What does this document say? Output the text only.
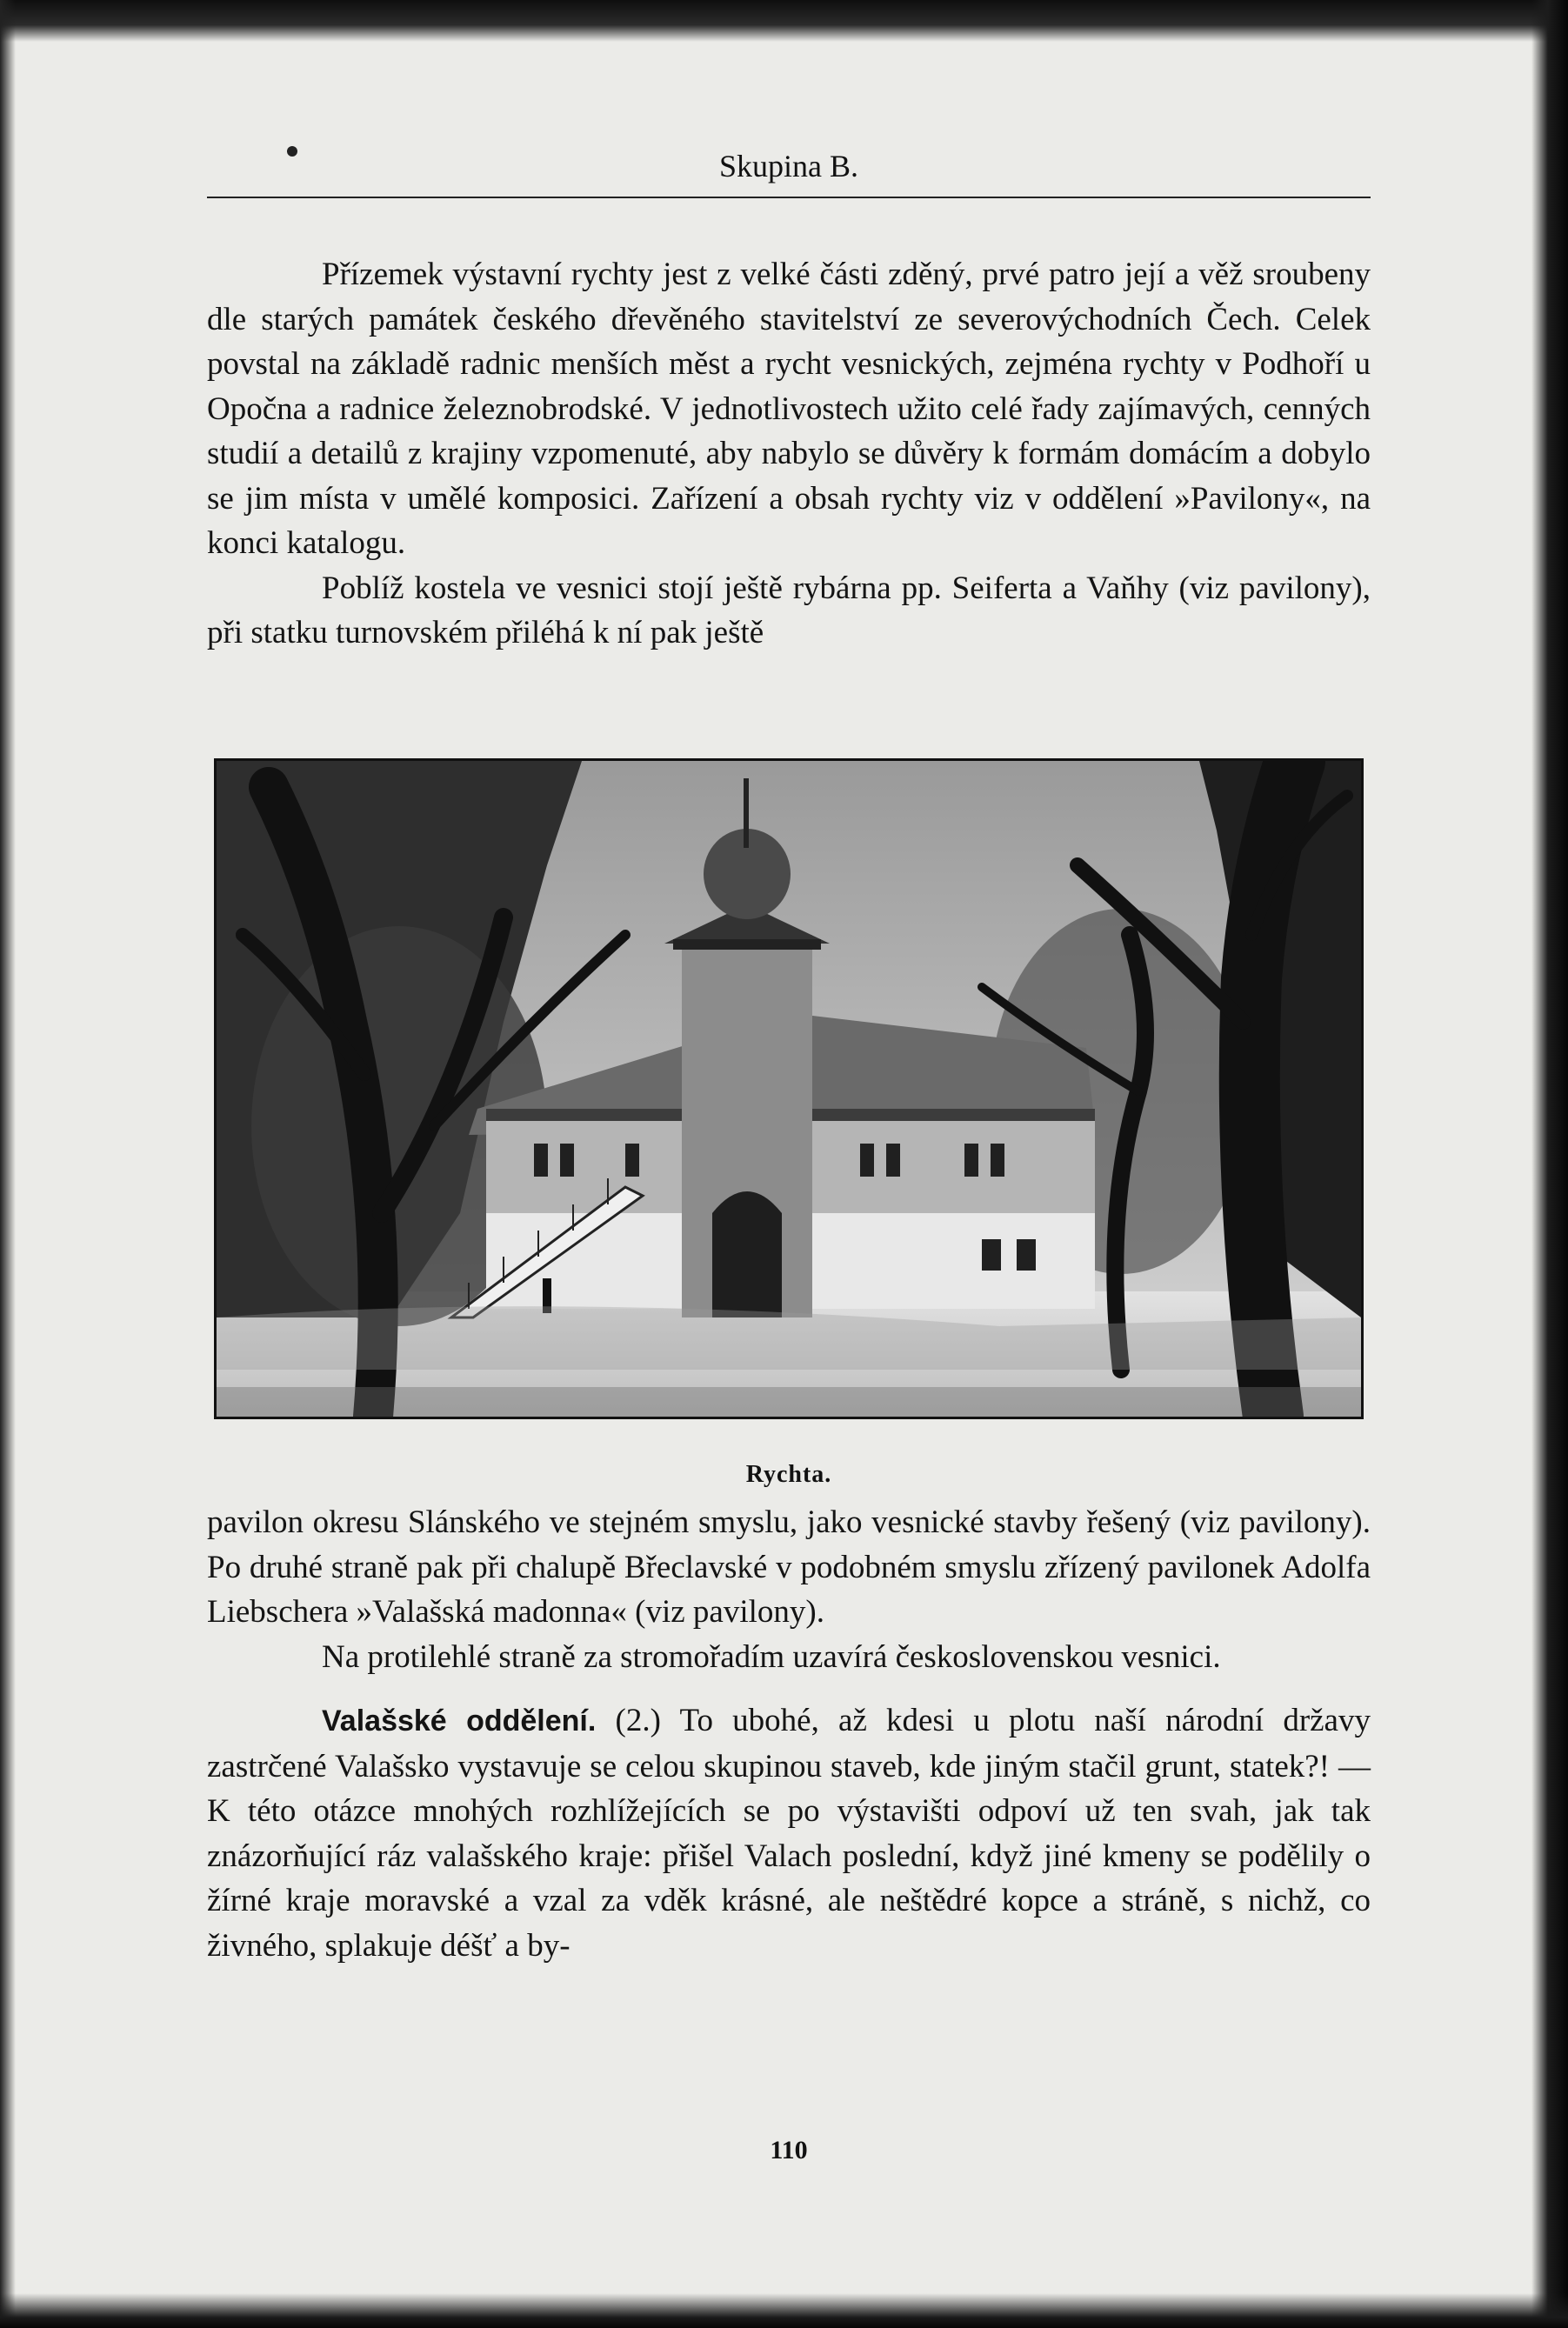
Skupina B.

Přízemek výstavní rychty jest z velké části zděný, prvé patro její a věž sroubeny dle starých památek českého dřevěného stavitelství ze severovýchodních Čech. Celek povstal na základě radnic menších měst a rycht vesnických, zejména rychty v Podhoří u Opočna a radnice železnobrodské. V jednotlivostech užito celé řady zajímavých, cenných studií a detailů z krajiny vzpomenuté, aby nabylo se důvěry k formám domácím a dobylo se jim místa v umělé komposici. Zařízení a obsah rychty viz v oddělení »Pavilony«, na konci katalogu.

Poblíž kostela ve vesnici stojí ještě rybárna pp. Seiferta a Vaňhy (viz pavilony), při statku turnovském přiléhá k ní pak ještě

Rychta.

pavilon okresu Slánského ve stejném smyslu, jako vesnické stavby řešený (viz pavilony). Po druhé straně pak při chalupě Břeclavské v podobném smyslu zřízený pavilonek Adolfa Liebschera »Valašská madonna« (viz pavilony).

Na protilehlé straně za stromořadím uzavírá československou vesnici.

Valašské oddělení. (2.) To ubohé, až kdesi u plotu naší národní državy zastrčené Valašsko vystavuje se celou skupinou staveb, kde jiným stačil grunt, statek?! — K této otázce mnohých rozhlížejících se po výstavišti odpoví už ten svah, jak tak znázorňující ráz valašského kraje: přišel Valach poslední, když jiné kmeny se podělily o žírné kraje moravské a vzal za vděk krásné, ale neštědré kopce a stráně, s nichž, co živného, splakuje déšť a by-

110
